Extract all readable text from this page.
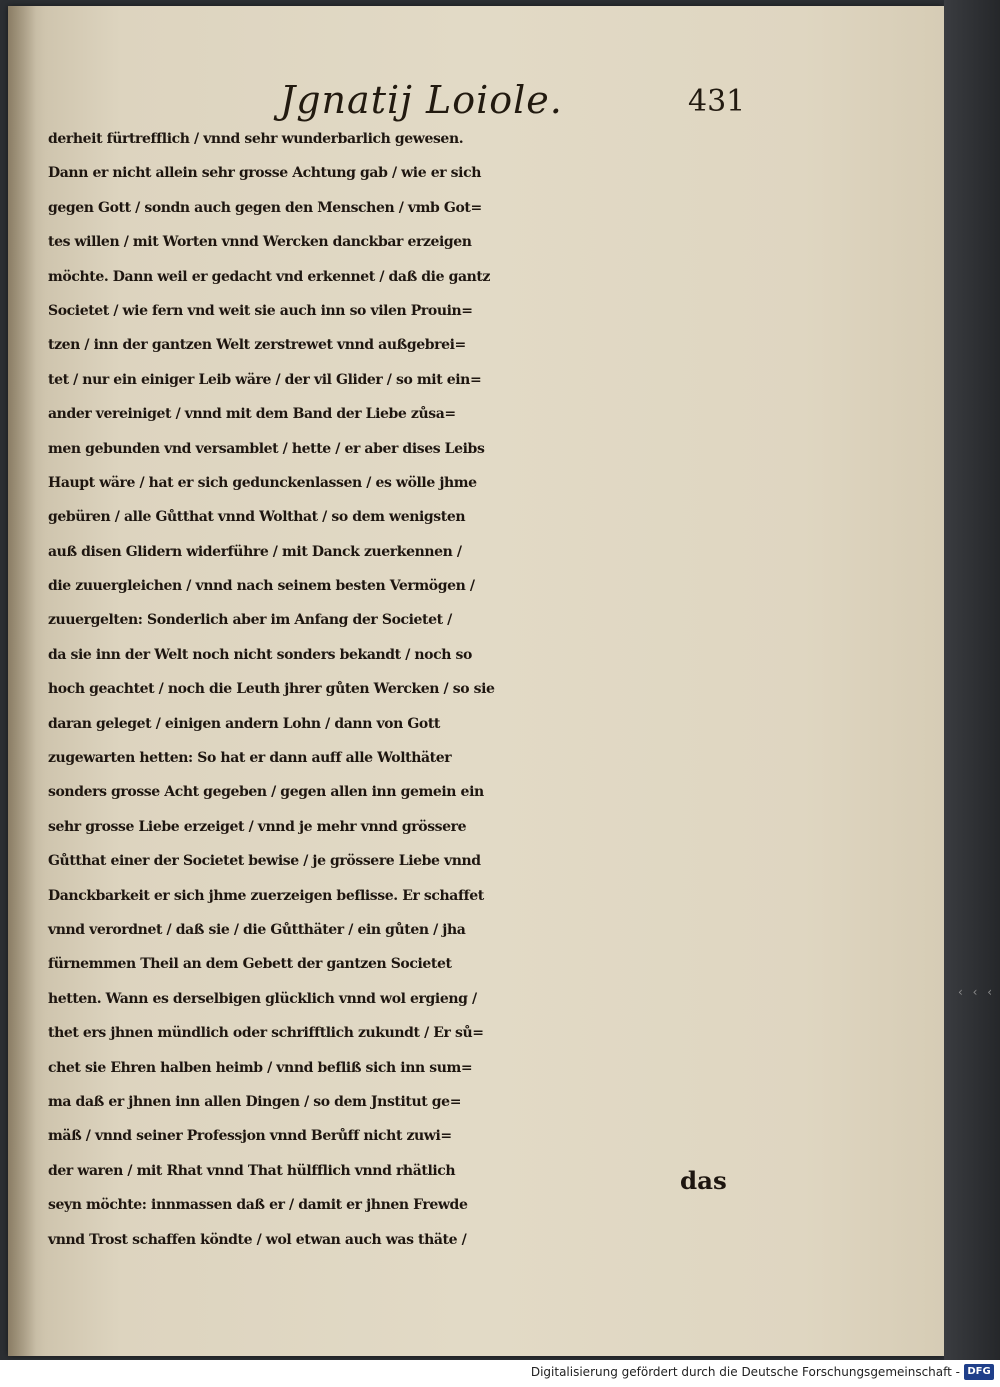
Jgnatij Loiole.	431
derheit fürtrefflich / vnnd sehr wunderbarlich gewesen.
Dann er nicht allein sehr grosse Achtung gab / wie er sich
gegen Gott / sondn auch gegen den Menschen / vmb Got=
tes willen / mit Worten vnnd Wercken danckbar erzeigen
möchte. Dann weil er gedacht vnd erkennet / daß die gantz
Societet / wie fern vnd weit sie auch inn so vilen Prouin=
tzen / inn der gantzen Welt zerstrewet vnnd außgebrei=
tet / nur ein einiger Leib wäre / der vil Glider / so mit ein=
ander vereiniget / vnnd mit dem Band der Liebe zůsa=
men gebunden vnd versamblet / hette / er aber dises Leibs
Haupt wäre / hat er sich gedunckenlassen / es wölle jhme
gebüren / alle Gůtthat vnnd Wolthat / so dem wenigsten
auß disen Glidern widerführe / mit Danck zuerkennen /
die zuuergleichen / vnnd nach seinem besten Vermögen /
zuuergelten: Sonderlich aber im Anfang der Societet /
da sie inn der Welt noch nicht sonders bekandt / noch so
hoch geachtet / noch die Leuth jhrer gůten Wercken / so sie
daran geleget / einigen andern Lohn / dann von Gott
zugewarten hetten: So hat er dann auff alle Wolthäter
sonders grosse Acht gegeben / gegen allen inn gemein ein
sehr grosse Liebe erzeiget / vnnd je mehr vnnd grössere
Gůtthat einer der Societet bewise / je grössere Liebe vnnd
Danckbarkeit er sich jhme zuerzeigen beflisse. Er schaffet
vnnd verordnet / daß sie / die Gůtthäter / ein gůten / jha
fürnemmen Theil an dem Gebett der gantzen Societet
hetten. Wann es derselbigen glücklich vnnd wol ergieng /
thet ers jhnen mündlich oder schrifftlich zukundt / Er sů=
chet sie Ehren halben heimb / vnnd befliß sich inn sum=
ma daß er jhnen inn allen Dingen / so dem Jnstitut ge=
mäß / vnnd seiner Professjon vnnd Berůff nicht zuwi=
der waren / mit Rhat vnnd That hülfflich vnnd rhätlich
seyn möchte: innmassen daß er / damit er jhnen Frewde
vnnd Trost schaffen köndte / wol etwan auch was thäte /
das
‹ ‹ ‹
Digitalisierung gefördert durch die Deutsche Forschungsgemeinschaft - DFG
